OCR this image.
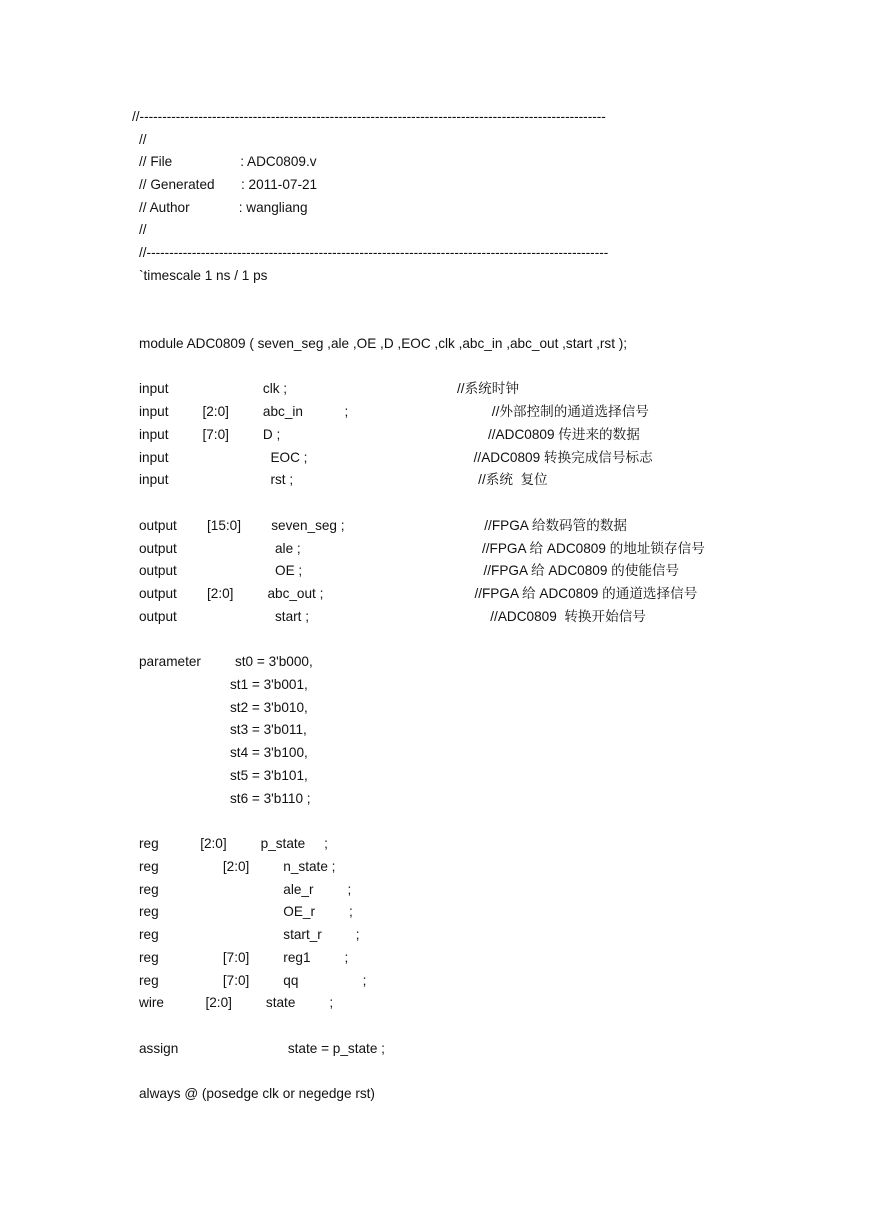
//-------------------------------------------------------------------------------------------------------
//
// File                  : ADC0809.v
// Generated       : 2011-07-21
// Author             : wangliang
//
//------------------------------------------------------------------------------------------------------
`timescale 1 ns / 1 ps
module ADC0809 ( seven_seg ,ale ,OE ,D ,EOC ,clk ,abc_in ,abc_out ,start ,rst );
input                         clk ;                                             //系统时钟
input         [2:0]         abc_in           ;                                      //外部控制的通道选择信号
input         [7:0]         D ;                                                       //ADC0809 传进来的数据
input                           EOC ;                                            //ADC0809 转换完成信号标志
input                           rst ;                                                 //系统  复位
output        [15:0]        seven_seg ;                                     //FPGA 给数码管的数据
output                          ale ;                                                //FPGA 给 ADC0809 的地址锁存信号
output                          OE ;                                                //FPGA 给 ADC0809 的使能信号
output        [2:0]         abc_out ;                                        //FPGA 给 ADC0809 的通道选择信号
output                          start ;                                                //ADC0809  转换开始信号
parameter         st0 = 3'b000,
st1 = 3'b001,
st2 = 3'b010,
st3 = 3'b011,
st4 = 3'b100,
st5 = 3'b101,
st6 = 3'b110 ;
reg           [2:0]         p_state     ;
reg                 [2:0]         n_state ;
reg                                 ale_r         ;
reg                                 OE_r         ;
reg                                 start_r         ;
reg                 [7:0]         reg1         ;
reg                 [7:0]         qq                 ;
wire           [2:0]         state         ;
assign                             state = p_state ;
always @ (posedge clk or negedge rst)
